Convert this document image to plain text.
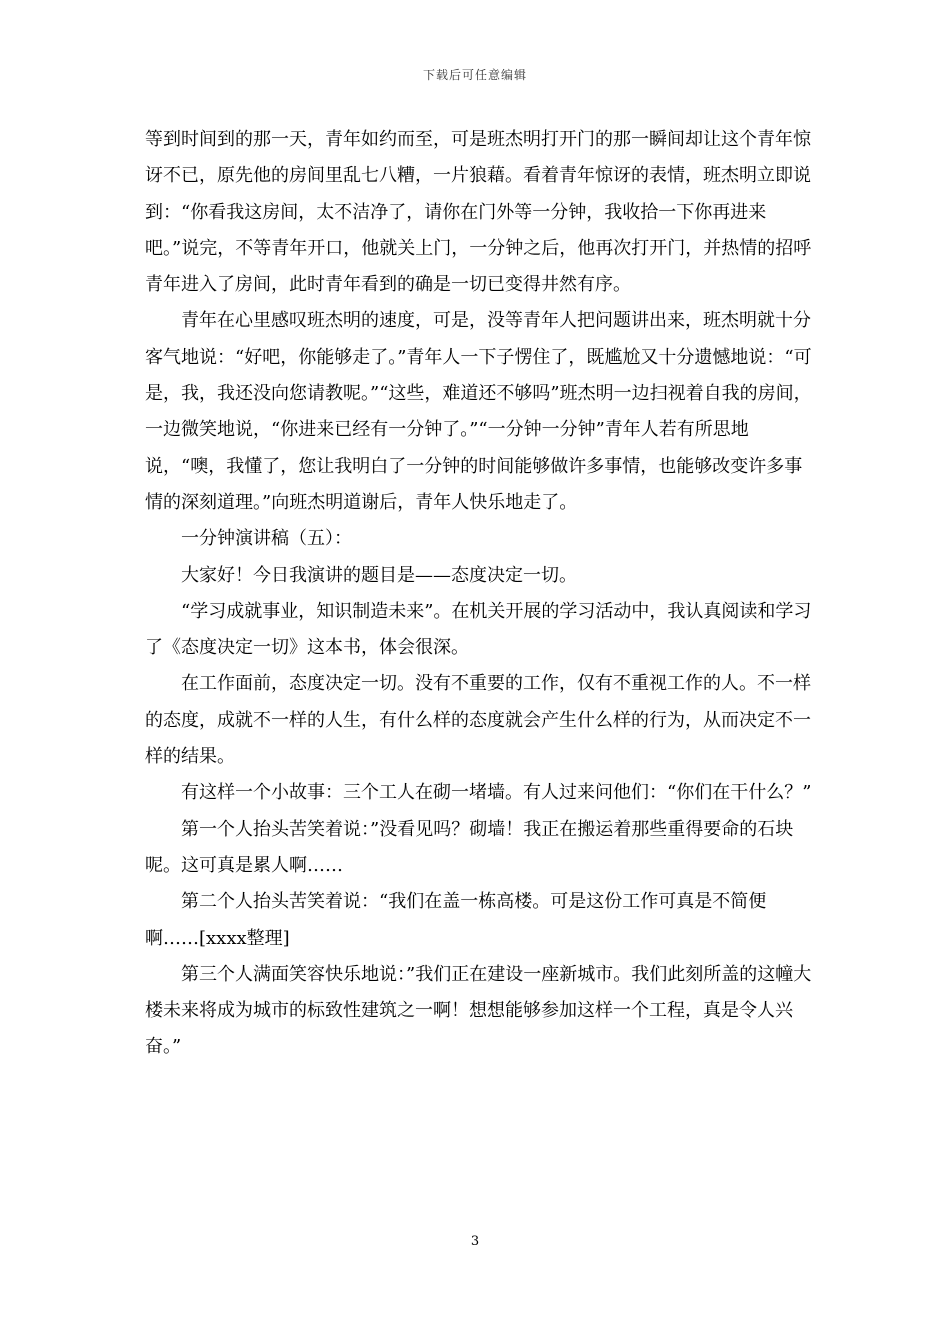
下载后可任意编辑

等到时间到的那一天，青年如约而至，可是班杰明打开门的那一瞬间却让这个青年惊讶不已，原先他的房间里乱七八糟，一片狼藉。看着青年惊讶的表情，班杰明立即说到：“你看我这房间，太不洁净了，请你在门外等一分钟，我收拾一下你再进来吧。”说完，不等青年开口，他就关上门，一分钟之后，他再次打开门，并热情的招呼青年进入了房间，此时青年看到的确是一切已变得井然有序。

青年在心里感叹班杰明的速度，可是，没等青年人把问题讲出来，班杰明就十分客气地说：“好吧，你能够走了。”青年人一下子愣住了，既尴尬又十分遗憾地说：“可是，我，我还没向您请教呢。”“这些，难道还不够吗”班杰明一边扫视着自我的房间，一边微笑地说，“你进来已经有一分钟了。”“一分钟一分钟”青年人若有所思地说，“噢，我懂了，您让我明白了一分钟的时间能够做许多事情，也能够改变许多事情的深刻道理。”向班杰明道谢后，青年人快乐地走了。

一分钟演讲稿（五）：

大家好！今日我演讲的题目是——态度决定一切。

“学习成就事业，知识制造未来”。在机关开展的学习活动中，我认真阅读和学习了《态度决定一切》这本书，体会很深。

在工作面前，态度决定一切。没有不重要的工作，仅有不重视工作的人。不一样的态度，成就不一样的人生，有什么样的态度就会产生什么样的行为，从而决定不一样的结果。

有这样一个小故事：三个工人在砌一堵墙。有人过来问他们：“你们在干什么？”

第一个人抬头苦笑着说：”没看见吗？砌墙！我正在搬运着那些重得要命的石块呢。这可真是累人啊……

第二个人抬头苦笑着说：“我们在盖一栋高楼。可是这份工作可真是不简便啊……[xxxx整理]

第三个人满面笑容快乐地说：”我们正在建设一座新城市。我们此刻所盖的这幢大楼未来将成为城市的标致性建筑之一啊！想想能够参加这样一个工程，真是令人兴奋。”

3
